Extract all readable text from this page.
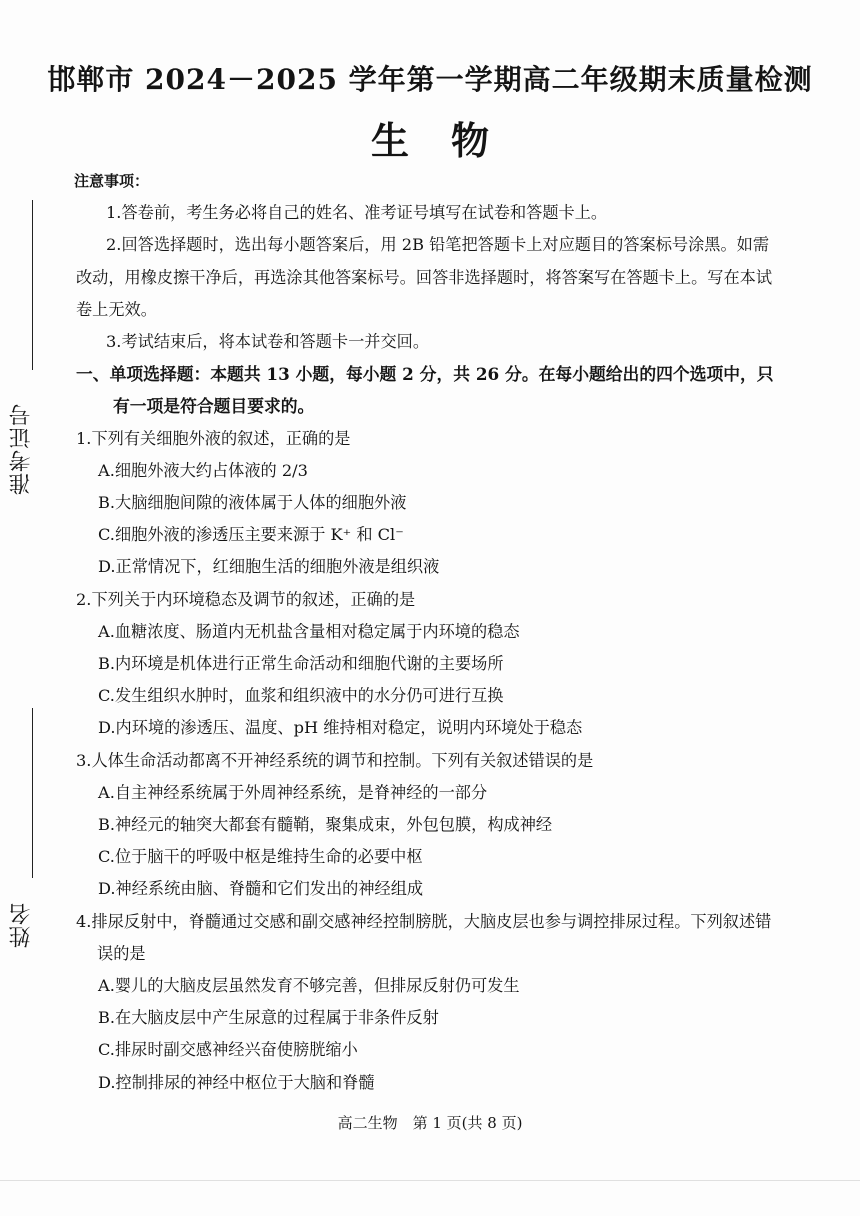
邯郸市 2024－2025 学年第一学期高二年级期末质量检测
生物
准考证号
姓名
注意事项：
1.答卷前，考生务必将自己的姓名、准考证号填写在试卷和答题卡上。
2.回答选择题时，选出每小题答案后，用 2B 铅笔把答题卡上对应题目的答案标号涂黑。如需改动，用橡皮擦干净后，再选涂其他答案标号。回答非选择题时，将答案写在答题卡上。写在本试卷上无效。
3.考试结束后，将本试卷和答题卡一并交回。
一、单项选择题：本题共 13 小题，每小题 2 分，共 26 分。在每小题给出的四个选项中，只有一项是符合题目要求的。
1.下列有关细胞外液的叙述，正确的是
A.细胞外液大约占体液的 2/3
B.大脑细胞间隙的液体属于人体的细胞外液
C.细胞外液的渗透压主要来源于 K⁺ 和 Cl⁻
D.正常情况下，红细胞生活的细胞外液是组织液
2.下列关于内环境稳态及调节的叙述，正确的是
A.血糖浓度、肠道内无机盐含量相对稳定属于内环境的稳态
B.内环境是机体进行正常生命活动和细胞代谢的主要场所
C.发生组织水肿时，血浆和组织液中的水分仍可进行互换
D.内环境的渗透压、温度、pH 维持相对稳定，说明内环境处于稳态
3.人体生命活动都离不开神经系统的调节和控制。下列有关叙述错误的是
A.自主神经系统属于外周神经系统，是脊神经的一部分
B.神经元的轴突大都套有髓鞘，聚集成束，外包包膜，构成神经
C.位于脑干的呼吸中枢是维持生命的必要中枢
D.神经系统由脑、脊髓和它们发出的神经组成
4.排尿反射中，脊髓通过交感和副交感神经控制膀胱，大脑皮层也参与调控排尿过程。下列叙述错误的是
A.婴儿的大脑皮层虽然发育不够完善，但排尿反射仍可发生
B.在大脑皮层中产生尿意的过程属于非条件反射
C.排尿时副交感神经兴奋使膀胱缩小
D.控制排尿的神经中枢位于大脑和脊髓
高二生物　第 1 页(共 8 页)
